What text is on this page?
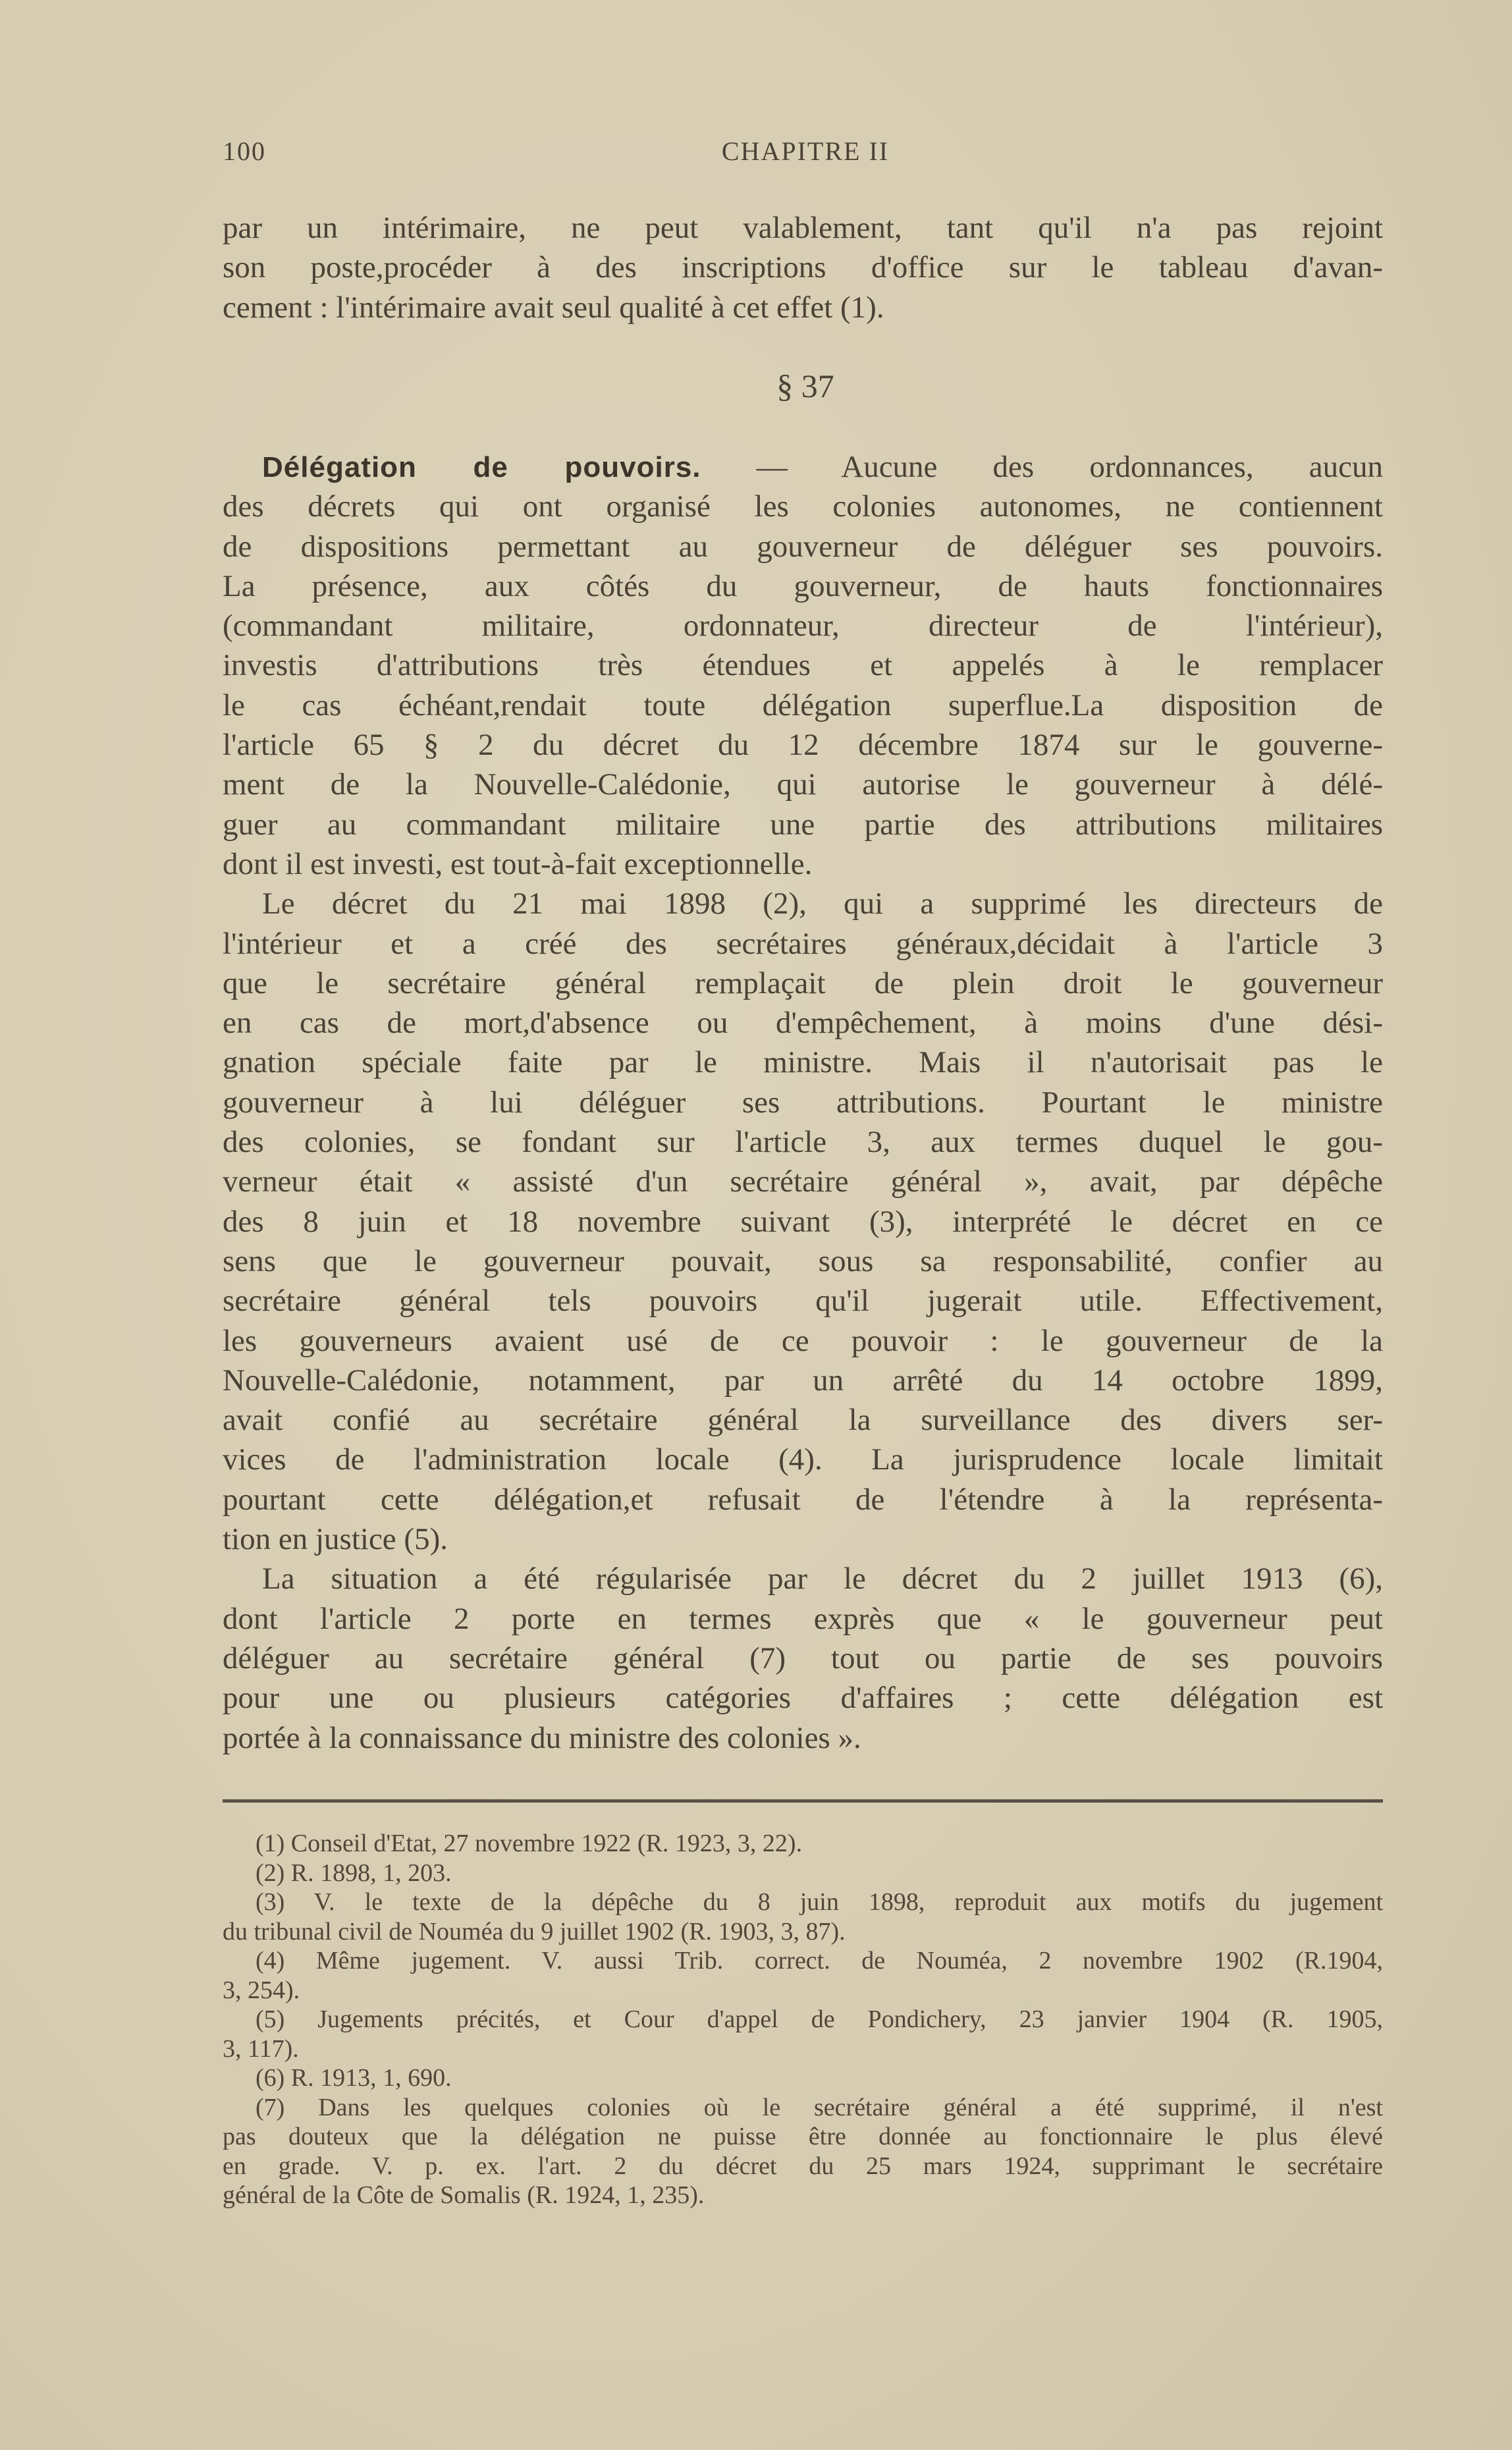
100	CHAPITRE II
par un intérimaire, ne peut valablement, tant qu'il n'a pas rejoint
son poste,procéder à des inscriptions d'office sur le tableau d'avan-
cement : l'intérimaire avait seul qualité à cet effet (1).
§ 37
Délégation de pouvoirs. — Aucune des ordonnances, aucun
des décrets qui ont organisé les colonies autonomes, ne contiennent
de dispositions permettant au gouverneur de déléguer ses pouvoirs.
La présence, aux côtés du gouverneur, de hauts fonctionnaires
(commandant militaire, ordonnateur, directeur de l'intérieur),
investis d'attributions très étendues et appelés à le remplacer
le cas échéant,rendait toute délégation superflue.La disposition de
l'article 65 § 2 du décret du 12 décembre 1874 sur le gouverne-
ment de la Nouvelle-Calédonie, qui autorise le gouverneur à délé-
guer au commandant militaire une partie des attributions militaires
dont il est investi, est tout-à-fait exceptionnelle.
Le décret du 21 mai 1898 (2), qui a supprimé les directeurs de
l'intérieur et a créé des secrétaires généraux,décidait à l'article 3
que le secrétaire général remplaçait de plein droit le gouverneur
en cas de mort,d'absence ou d'empêchement, à moins d'une dési-
gnation spéciale faite par le ministre. Mais il n'autorisait pas le
gouverneur à lui déléguer ses attributions. Pourtant le ministre
des colonies, se fondant sur l'article 3, aux termes duquel le gou-
verneur était « assisté d'un secrétaire général », avait, par dépêche
des 8 juin et 18 novembre suivant (3), interprété le décret en ce
sens que le gouverneur pouvait, sous sa responsabilité, confier au
secrétaire général tels pouvoirs qu'il jugerait utile. Effectivement,
les gouverneurs avaient usé de ce pouvoir : le gouverneur de la
Nouvelle-Calédonie, notamment, par un arrêté du 14 octobre 1899,
avait confié au secrétaire général la surveillance des divers ser-
vices de l'administration locale (4). La jurisprudence locale limitait
pourtant cette délégation,et refusait de l'étendre à la représenta-
tion en justice (5).
La situation a été régularisée par le décret du 2 juillet 1913 (6),
dont l'article 2 porte en termes exprès que « le gouverneur peut
déléguer au secrétaire général (7) tout ou partie de ses pouvoirs
pour une ou plusieurs catégories d'affaires ; cette délégation est
portée à la connaissance du ministre des colonies ».
(1) Conseil d'Etat, 27 novembre 1922 (R. 1923, 3, 22).
(2) R. 1898, 1, 203.
(3) V. le texte de la dépêche du 8 juin 1898, reproduit aux motifs du jugement
du tribunal civil de Nouméa du 9 juillet 1902 (R. 1903, 3, 87).
(4) Même jugement. V. aussi Trib. correct. de Nouméa, 2 novembre 1902 (R.1904,
3, 254).
(5) Jugements précités, et Cour d'appel de Pondichery, 23 janvier 1904 (R. 1905,
3, 117).
(6) R. 1913, 1, 690.
(7) Dans les quelques colonies où le secrétaire général a été supprimé, il n'est
pas douteux que la délégation ne puisse être donnée au fonctionnaire le plus élevé
en grade. V. p. ex. l'art. 2 du décret du 25 mars 1924, supprimant le secrétaire
général de la Côte de Somalis (R. 1924, 1, 235).
